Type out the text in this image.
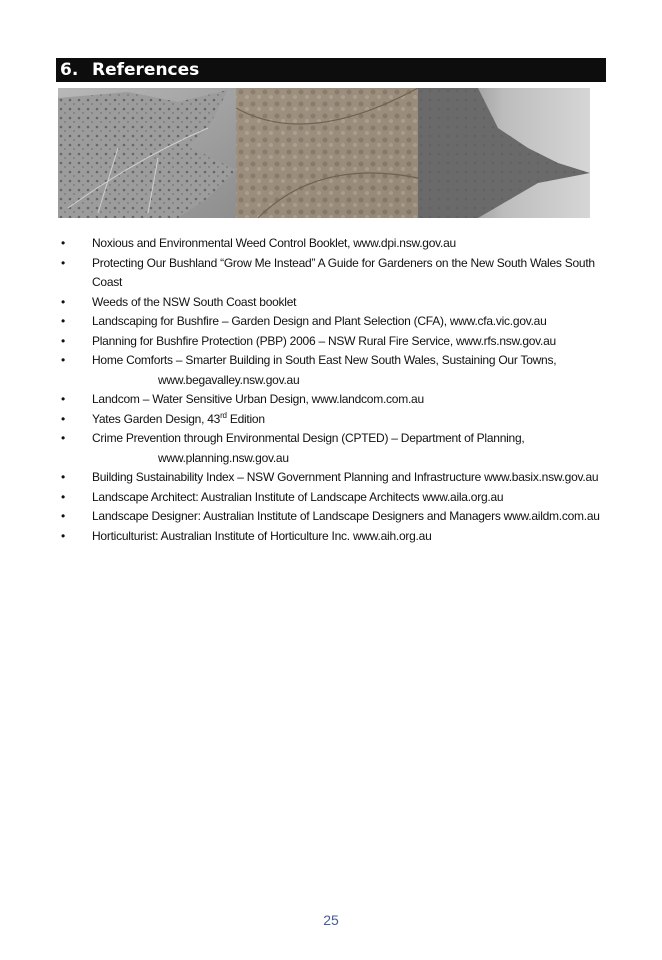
6. References
• Noxious and Environmental Weed Control Booklet, www.dpi.nsw.gov.au
• Protecting Our Bushland “Grow Me Instead” A Guide for Gardeners on the New South Wales South Coast
• Weeds of the NSW South Coast booklet
• Landscaping for Bushfire – Garden Design and Plant Selection (CFA), www.cfa.vic.gov.au
• Planning for Bushfire Protection (PBP) 2006 – NSW Rural Fire Service, www.rfs.nsw.gov.au
• Home Comforts – Smarter Building in South East New South Wales, Sustaining Our Towns,
www.begavalley.nsw.gov.au
• Landcom – Water Sensitive Urban Design, www.landcom.com.au
• Yates Garden Design, 43rd Edition
• Crime Prevention through Environmental Design (CPTED) – Department of Planning,
www.planning.nsw.gov.au
• Building Sustainability Index – NSW Government Planning and Infrastructure www.basix.nsw.gov.au
• Landscape Architect: Australian Institute of Landscape Architects www.aila.org.au
• Landscape Designer: Australian Institute of Landscape Designers and Managers www.aildm.com.au
• Horticulturist: Australian Institute of Horticulture Inc. www.aih.org.au
25
